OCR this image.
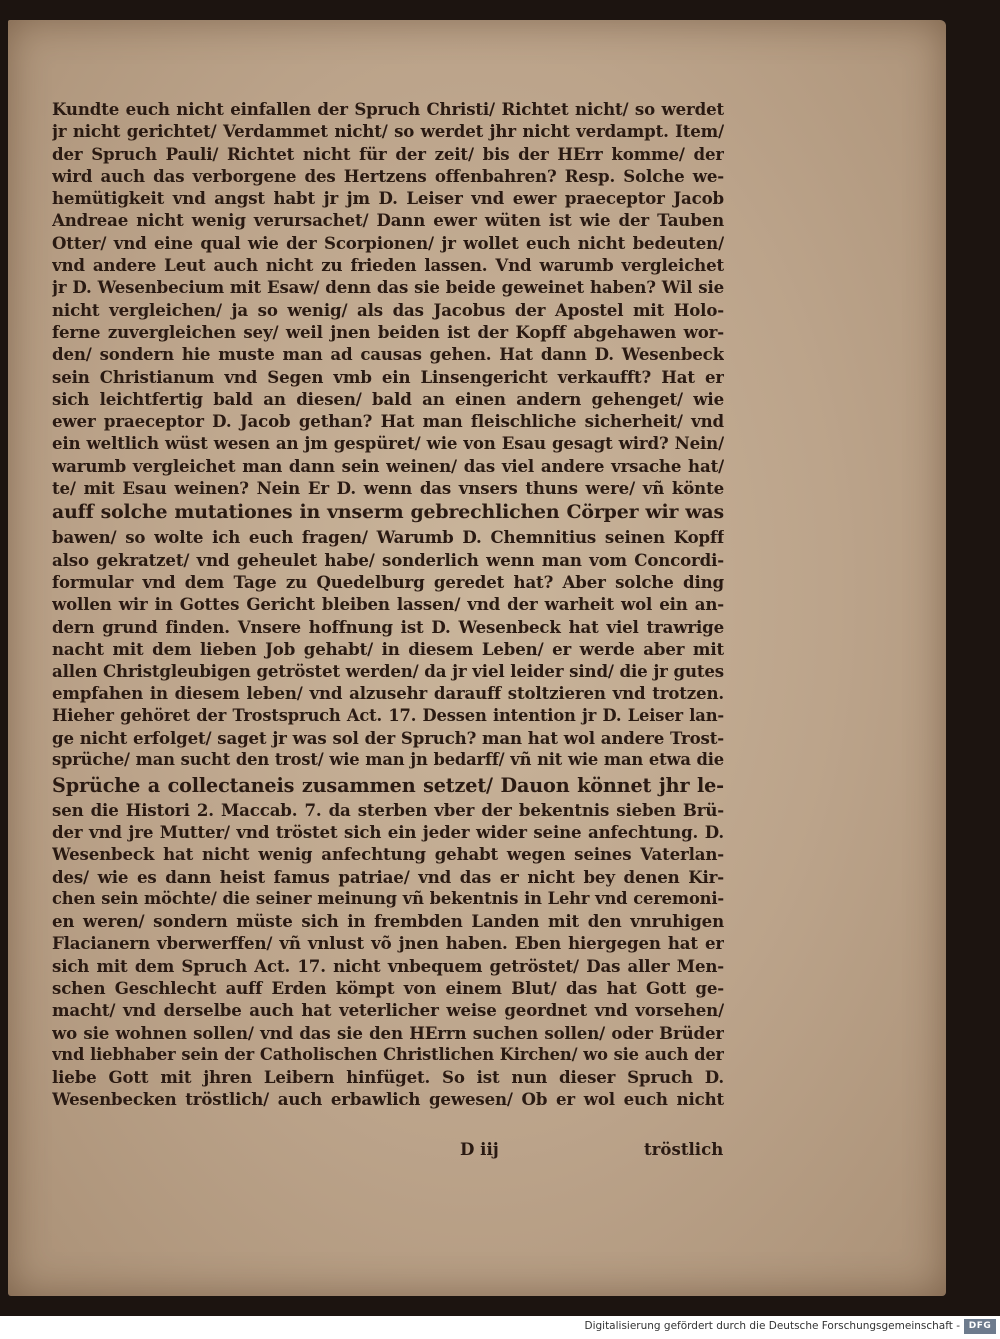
Kundte euch nicht einfallen der Spruch Christi/ Richtet nicht/ so werdet
jr nicht gerichtet/ Verdammet nicht/ so werdet jhr nicht verdampt. Item/
der Spruch Pauli/ Richtet nicht für der zeit/ bis der HErr komme/ der
wird auch das verborgene des Hertzens offenbahren? Resp. Solche we-
hemütigkeit vnd angst habt jr jm D. Leiser vnd ewer praeceptor Jacob
Andreae nicht wenig verursachet/ Dann ewer wüten ist wie der Tauben
Otter/ vnd eine qual wie der Scorpionen/ jr wollet euch nicht bedeuten/
vnd andere Leut auch nicht zu frieden lassen. Vnd warumb vergleichet
jr D. Wesenbecium mit Esaw/ denn das sie beide geweinet haben? Wil sie
nicht vergleichen/ ja so wenig/ als das Jacobus der Apostel mit Holo-
ferne zuvergleichen sey/ weil jnen beiden ist der Kopff abgehawen wor-
den/ sondern hie muste man ad causas gehen. Hat dann D. Wesenbeck
sein Christianum vnd Segen vmb ein Linsengericht verkaufft? Hat er
sich leichtfertig bald an diesen/ bald an einen andern gehenget/ wie
ewer praeceptor D. Jacob gethan? Hat man fleischliche sicherheit/ vnd
ein weltlich wüst wesen an jm gespüret/ wie von Esau gesagt wird? Nein/
warumb vergleichet man dann sein weinen/ das viel andere vrsache hat/
te/ mit Esau weinen? Nein Er D. wenn das vnsers thuns were/ vñ könte
auff solche mutationes in vnserm gebrechlichen Cörper wir was
bawen/ so wolte ich euch fragen/ Warumb D. Chemnitius seinen Kopff
also gekratzet/ vnd geheulet habe/ sonderlich wenn man vom Concordi-
formular vnd dem Tage zu Quedelburg geredet hat? Aber solche ding
wollen wir in Gottes Gericht bleiben lassen/ vnd der warheit wol ein an-
dern grund finden. Vnsere hoffnung ist D. Wesenbeck hat viel trawrige
nacht mit dem lieben Job gehabt/ in diesem Leben/ er werde aber mit
allen Christgleubigen getröstet werden/ da jr viel leider sind/ die jr gutes
empfahen in diesem leben/ vnd alzusehr darauff stoltzieren vnd trotzen.
Hieher gehöret der Trostspruch Act. 17. Dessen intention jr D. Leiser lan-
ge nicht erfolget/ saget jr was sol der Spruch? man hat wol andere Trost-
sprüche/ man sucht den trost/ wie man jn bedarff/ vñ nit wie man etwa die
Sprüche a collectaneis zusammen setzet/ Dauon könnet jhr le-
sen die Histori 2. Maccab. 7. da sterben vber der bekentnis sieben Brü-
der vnd jre Mutter/ vnd tröstet sich ein jeder wider seine anfechtung. D.
Wesenbeck hat nicht wenig anfechtung gehabt wegen seines Vaterlan-
des/ wie es dann heist famus patriae/ vnd das er nicht bey denen Kir-
chen sein möchte/ die seiner meinung vñ bekentnis in Lehr vnd ceremoni-
en weren/ sondern müste sich in frembden Landen mit den vnruhigen
Flacianern vberwerffen/ vñ vnlust võ jnen haben. Eben hiergegen hat er
sich mit dem Spruch Act. 17. nicht vnbequem getröstet/ Das aller Men-
schen Geschlecht auff Erden kömpt von einem Blut/ das hat Gott ge-
macht/ vnd derselbe auch hat veterlicher weise geordnet vnd vorsehen/
wo sie wohnen sollen/ vnd das sie den HErrn suchen sollen/ oder Brüder
vnd liebhaber sein der Catholischen Christlichen Kirchen/ wo sie auch der
liebe Gott mit jhren Leibern hinfüget. So ist nun dieser Spruch D.
Wesenbecken tröstlich/ auch erbawlich gewesen/ Ob er wol euch nicht
D iij	tröstlich
Digitalisierung gefördert durch die Deutsche Forschungsgemeinschaft - DFG
